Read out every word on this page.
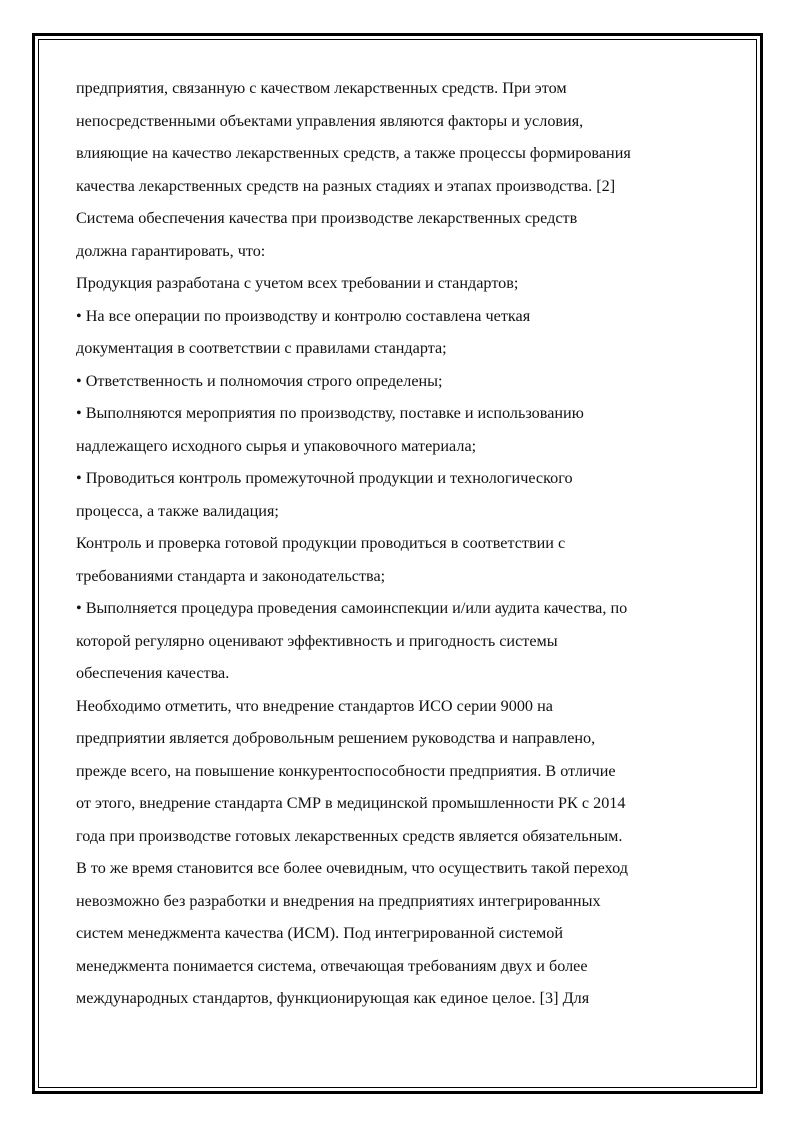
предприятия, связанную с качеством лекарственных средств. При этом
непосредственными объектами управления являются факторы и условия,
влияющие на качество лекарственных средств, а также процессы формирования
качества лекарственных средств на разных стадиях и этапах производства. [2]
Система обеспечения качества при производстве лекарственных средств
должна гарантировать, что:
Продукция разработана с учетом всех требовании и стандартов;
• На все операции по производству и контролю составлена четкая
документация в соответствии с правилами стандарта;
• Ответственность и полномочия строго определены;
• Выполняются мероприятия по производству, поставке и использованию
надлежащего исходного сырья и упаковочного материала;
• Проводиться контроль промежуточной продукции и технологического
процесса, а также валидация;
Контроль и проверка готовой продукции проводиться в соответствии с
требованиями стандарта и законодательства;
• Выполняется процедура проведения самоинспекции и/или аудита качества, по
которой регулярно оценивают эффективность и пригодность системы
обеспечения качества.
Необходимо отметить, что внедрение стандартов ИСО серии 9000 на
предприятии является добровольным решением руководства и направлено,
прежде всего, на повышение конкурентоспособности предприятия. В отличие
от этого, внедрение стандарта СМР в медицинской промышленности РК с 2014
года при производстве готовых лекарственных средств является обязательным.
В то же время становится все более очевидным, что осуществить такой переход
невозможно без разработки и внедрения на предприятиях интегрированных
систем менеджмента качества (ИСМ). Под интегрированной системой
менеджмента понимается система, отвечающая требованиям двух и более
международных стандартов, функционирующая как единое целое. [3] Для
